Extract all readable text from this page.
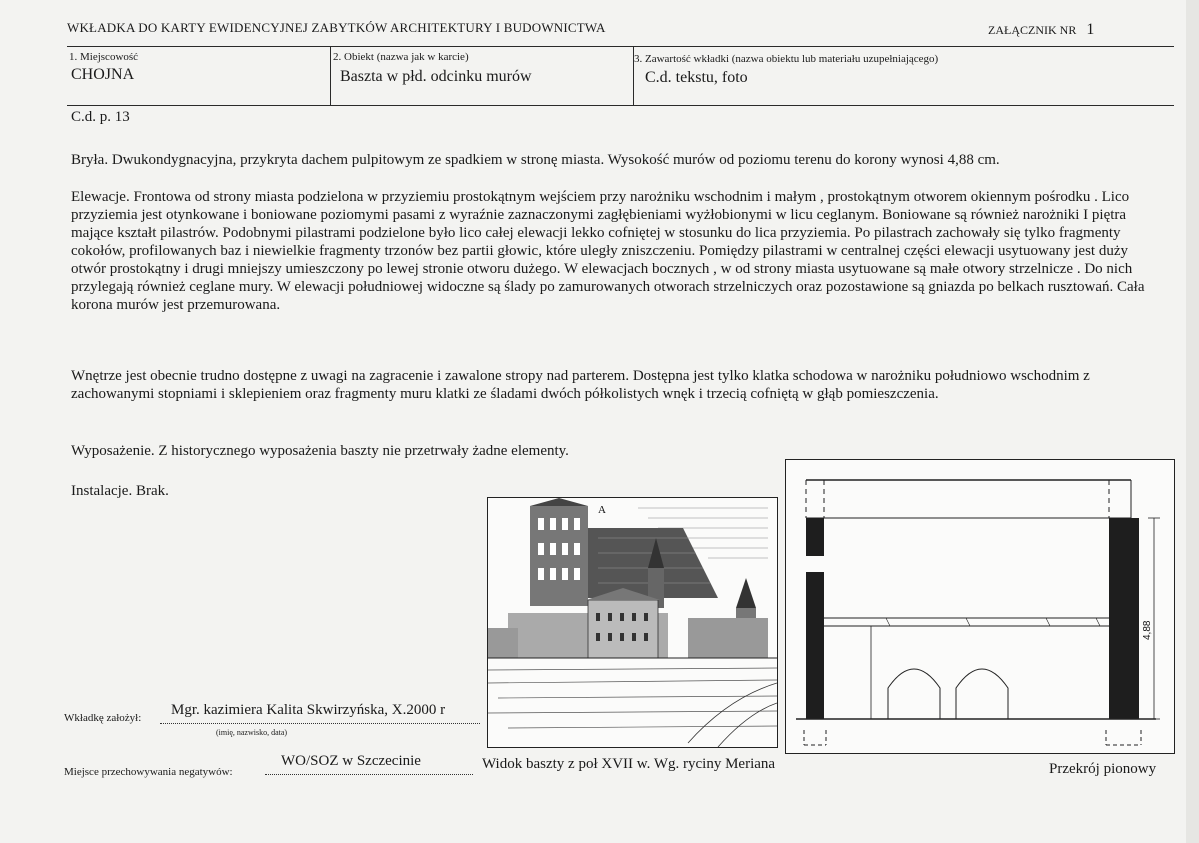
WKŁADKA DO KARTY EWIDENCYJNEJ ZABYTKÓW ARCHITEKTURY I BUDOWNICTWA	ZAŁĄCZNIK NR 1
1. Miejscowość
CHOJNA
2. Obiekt (nazwa jak w karcie)
Baszta w płd. odcinku murów
3. Zawartość wkładki (nazwa obiektu lub materiału uzupełniającego)
C.d. tekstu, foto

C.d. p. 13

Bryła. Dwukondygnacyjna, przykryta dachem pulpitowym ze spadkiem w stronę miasta. Wysokość murów od poziomu terenu do korony wynosi 4,88 cm.

Elewacje. Frontowa od strony miasta podzielona w przyziemiu prostokątnym wejściem przy narożniku wschodnim i małym , prostokątnym otworem okiennym pośrodku . Lico przyziemia jest otynkowane i boniowane poziomymi pasami z wyraźnie zaznaczonymi zagłębieniami wyżłobionymi w licu ceglanym. Boniowane są również narożniki I piętra mające kształt pilastrów. Podobnymi pilastrami podzielone było lico całej elewacji lekko cofniętej w stosunku do lica przyziemia. Po pilastrach zachowały się tylko fragmenty cokołów, profilowanych baz i niewielkie fragmenty trzonów bez partii głowic, które uległy zniszczeniu. Pomiędzy pilastrami w centralnej części elewacji usytuowany jest duży otwór prostokątny i drugi mniejszy umieszczony po lewej stronie otworu dużego. W elewacjach bocznych , w od strony miasta usytuowane są małe otwory strzelnicze . Do nich przylegają również ceglane mury. W elewacji południowej widoczne są ślady po zamurowanych otworach strzelniczych oraz pozostawione są gniazda po belkach rusztowań. Cała korona murów jest przemurowana.

Wnętrze jest obecnie trudno dostępne z uwagi na zagracenie i zawalone stropy nad parterem. Dostępna jest tylko klatka schodowa w narożniku południowo wschodnim z zachowanymi stopniami i sklepieniem oraz fragmenty muru klatki ze śladami dwóch półkolistych wnęk i trzecią cofniętą w głąb pomieszczenia.

Wyposażenie. Z historycznego wyposażenia baszty nie przetrwały żadne elementy.

Instalacje. Brak.

A
4,88
Wkładkę założył: Mgr. kazimiera Kalita Skwirzyńska, X.2000 r
(imię, nazwisko, data)
Miejsce przechowywania negatywów:
WO/SOZ w Szczecinie	Widok baszty z poł XVII w. Wg. ryciny Meriana	Przekrój pionowy
